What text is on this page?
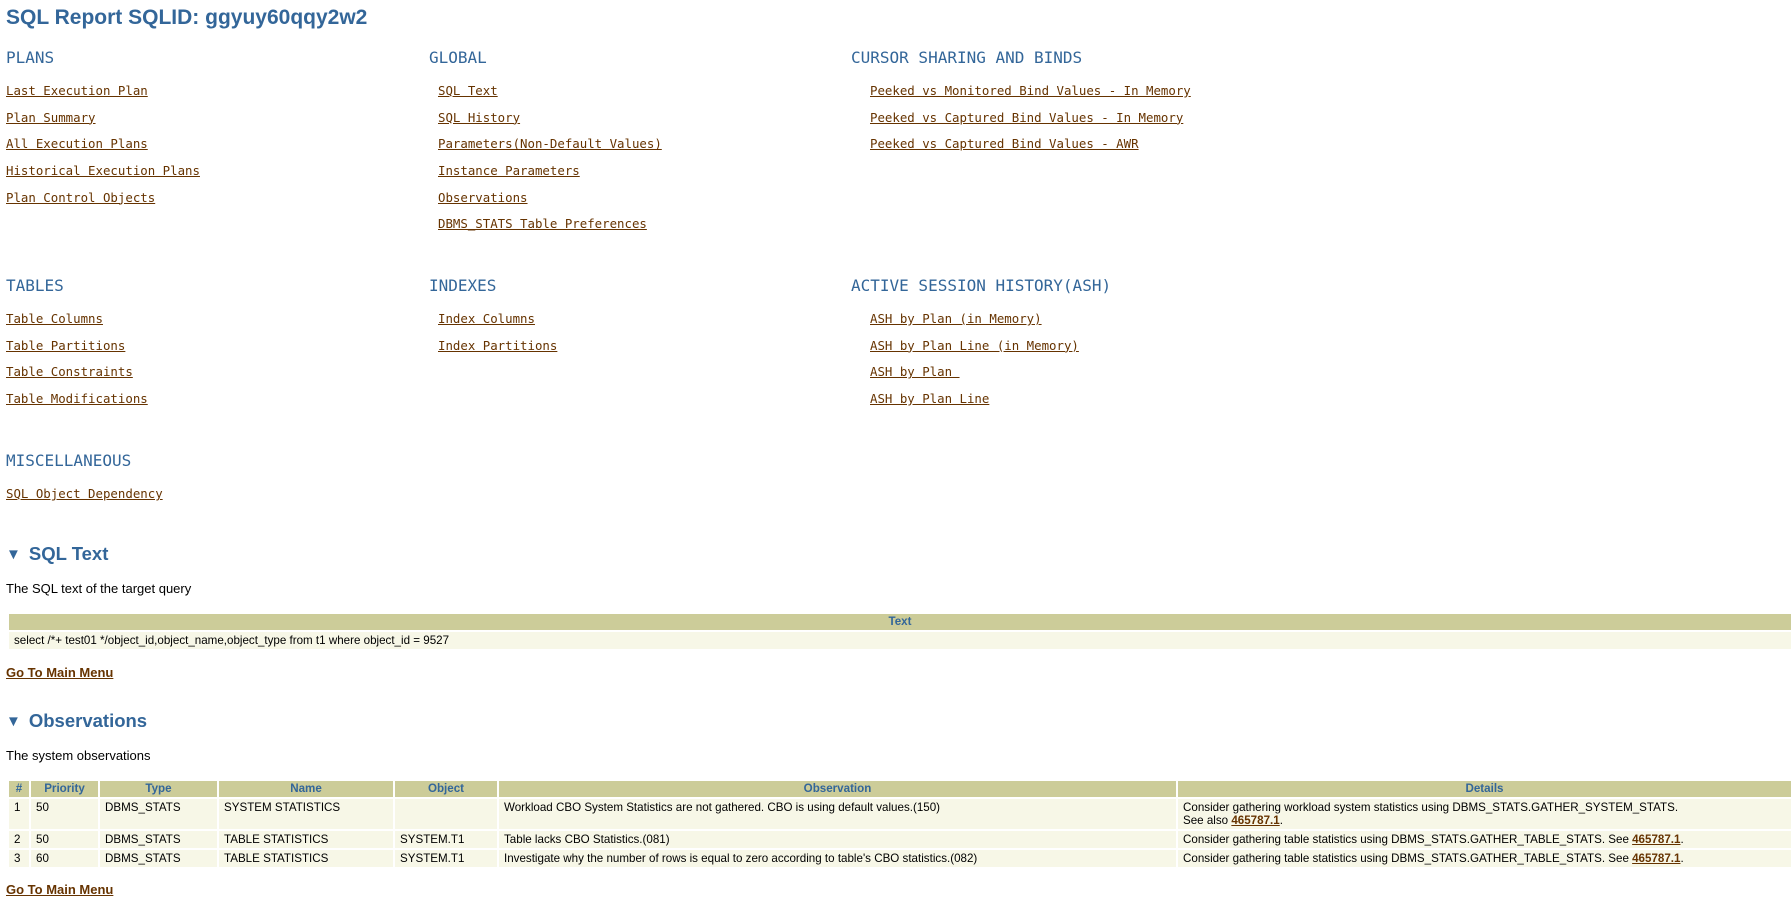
SQL Report SQLID: ggyuy60qqy2w2
PLANS
Last Execution Plan
Plan Summary
All Execution Plans
Historical Execution Plans
Plan Control Objects
GLOBAL
SQL Text
SQL History
Parameters(Non-Default Values)
Instance Parameters
Observations
DBMS_STATS Table Preferences
CURSOR SHARING AND BINDS
Peeked vs Monitored Bind Values - In Memory
Peeked vs Captured Bind Values - In Memory
Peeked vs Captured Bind Values - AWR
TABLES
Table Columns
Table Partitions
Table Constraints
Table Modifications
INDEXES
Index Columns
Index Partitions
ACTIVE SESSION HISTORY(ASH)
ASH by Plan (in Memory)
ASH by Plan Line (in Memory)
ASH by Plan
ASH by Plan Line
MISCELLANEOUS
SQL Object Dependency
▼ SQL Text
The SQL text of the target query
Text
select /*+ test01 */object_id,object_name,object_type from t1 where object_id = 9527
Go To Main Menu
▼ Observations
The system observations
#	Priority	Type	Name	Object	Observation	Details
1	50	DBMS_STATS	SYSTEM STATISTICS		Workload CBO System Statistics are not gathered. CBO is using default values.(150)	Consider gathering workload system statistics using DBMS_STATS.GATHER_SYSTEM_STATS.
See also 465787.1.
2	50	DBMS_STATS	TABLE STATISTICS	SYSTEM.T1	Table lacks CBO Statistics.(081)	Consider gathering table statistics using DBMS_STATS.GATHER_TABLE_STATS. See 465787.1.
3	60	DBMS_STATS	TABLE STATISTICS	SYSTEM.T1	Investigate why the number of rows is equal to zero according to table's CBO statistics.(082)	Consider gathering table statistics using DBMS_STATS.GATHER_TABLE_STATS. See 465787.1.
Go To Main Menu
